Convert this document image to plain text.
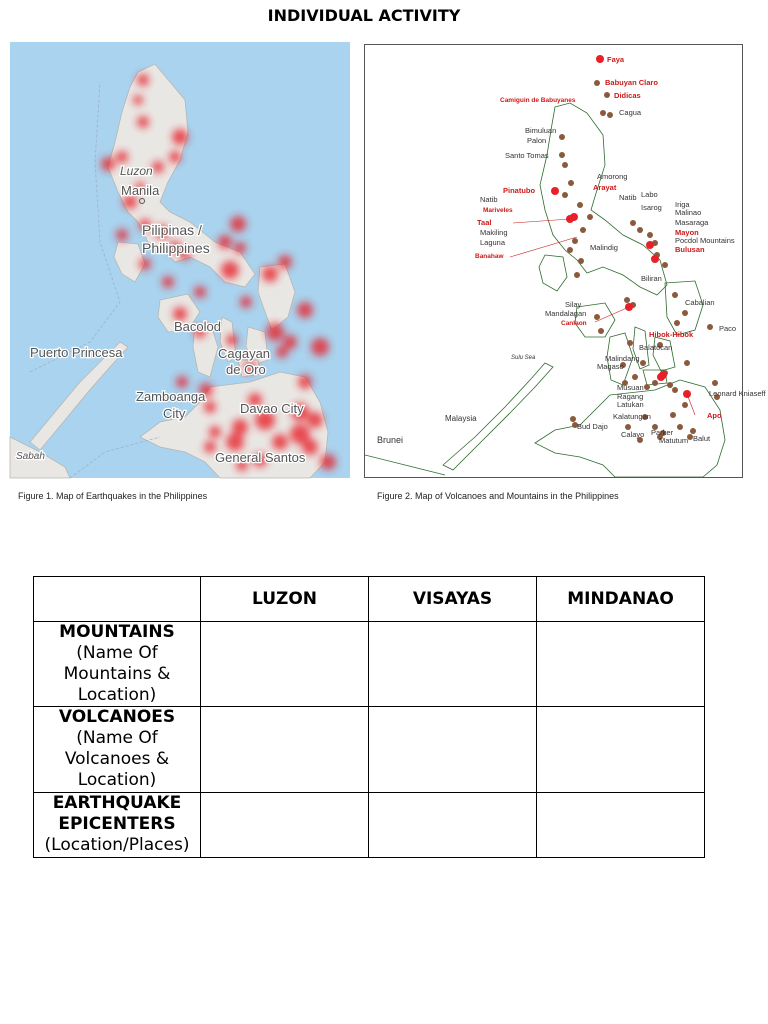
INDIVIDUAL ACTIVITY
Luzon
Manila
Pilipinas /
Philippines
Bacolod
Puerto Princesa	Cagayan
de Oro
Zamboanga
City	Davao City
General Santos
Sabah
Figure 1. Map of Earthquakes in the Philippines
Cagua
Bimuluan
Palon
Santo Tomas
Amorong
Labo
Natib
Isarog Iriga
Malinao
Masaraga
Pocdol Mountains
Makiling
Laguna
Malindig
Silay
Mandalagan
Biliran
Cabalian
Magaso
Balatocan
Malindang
Musuan
Ragang
Latukan
Kalatungan
Parker
Matutum Balut
Calayo
Bud Dajo
Leonard Kniaseff
Paco
Brunei
Malaysia
Sulu Sea
Faya
Babuyan Claro
Camiguin de Babuyanes
Didicas
Pinatubo	Arayat
Mariveles
Taal
Banahaw
Mayon
Bulusan
Canlaon
Hibok-Hibok
Apo
Natib
Figure 2. Map of Volcanoes and Mountains in the Philippines
	LUZON	VISAYAS	MINDANAO

MOUNTAINS
(Name Of
Mountains &
Location)			

VOLCANOES
(Name Of
Volcanoes &
Location)			

EARTHQUAKE
EPICENTERS
(Location/Places)			
